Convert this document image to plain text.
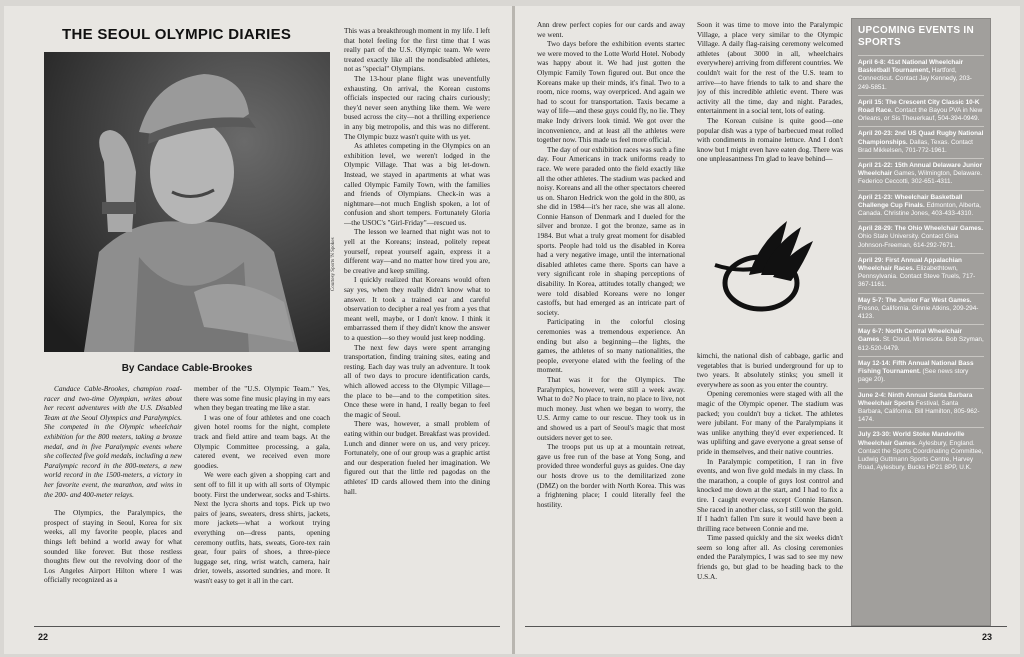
THE SEOUL OLYMPIC DIARIES
Courtesy Sports 'N Spokes
By Candace Cable-Brookes

Candace Cable-Brookes, champion road-racer and two-time Olympian, writes about her recent adventures with the U.S. Disabled Team at the Seoul Olympics and Paralympics. She competed in the Olympic wheelchair exhibition for the 800 meters, taking a bronze medal, and in five Paralympic events where she collected five gold medals, including a new Paralympic record in the 800-meters, a new world record in the 1500-meters, a victory in her favorite event, the marathon, and wins in the 200- and 400-meter relays.

The Olympics, the Paralympics, the prospect of staying in Seoul, Korea for six weeks, all my favorite people, places and things left behind a world away for what sounded like forever. But those restless thoughts flew out the revolving door of the Los Angeles Airport Hilton where I was officially recognized as a

member of the "U.S. Olympic Team." Yes, there was some fine music playing in my ears when they began treating me like a star.

I was one of four athletes and one coach given hotel rooms for the night, complete track and field attire and team bags. At the Olympic Committee processing, a gala, catered event, we received even more goodies.

We were each given a shopping cart and sent off to fill it up with all sorts of Olympic booty. First the underwear, socks and T-shirts. Next the lycra shorts and tops. Pick up two pairs of jeans, sweaters, dress shirts, jackets, more jackets—what a workout trying everything on—dress pants, opening ceremony outfits, hats, sweats, Gore-tex rain gear, four pairs of shoes, a three-piece luggage set, ring, wrist watch, camera, hair drier, towels, assorted sundries, and more. It wasn't easy to get it all in the cart.

This was a breakthrough moment in my life. I left that hotel feeling for the first time that I was really part of the U.S. Olympic team. We were treated exactly like all the nondisabled athletes, not as "special" Olympians.

The 13-hour plane flight was uneventfully exhausting. On arrival, the Korean customs officials inspected our racing chairs curiously; they'd never seen anything like them. We were bused across the city—not a thrilling experience in any big metropolis, and this was no different. The Olympic buzz wasn't quite with us yet.

As athletes competing in the Olympics on an exhibition level, we weren't lodged in the Olympic Village. That was a big let-down. Instead, we stayed in apartments at what was called Olympic Family Town, with the families and friends of Olympians. Check-in was a nightmare—not much English spoken, a lot of confusion and short tempers. Fortunately Gloria—the USOC's "Girl-Friday"—rescued us.

The lesson we learned that night was not to yell at the Koreans; instead, politely repeat yourself, repeat yourself again, express it a different way—and no matter how tired you are, be creative and keep smiling.

I quickly realized that Koreans would often say yes, when they really didn't know what to answer. It took a trained ear and careful observation to decipher a real yes from a yes that meant well, maybe, or I don't know. I think it embarrassed them if they didn't know the answer to a question—so they would just keep nodding.

The next few days were spent arranging transportation, finding training sites, eating and resting. Each day was truly an adventure. It took all of two days to procure identification cards, which allowed access to the Olympic Village—the place to be—and to the competition sites. Once these were in hand, I really began to feel the magic of Seoul.

There was, however, a small problem of eating within our budget. Breakfast was provided. Lunch and dinner were on us, and very pricey. Fortunately, one of our group was a graphic artist and our desperation fueled her imagination. We figured out that the little red pagodas on the athletes' ID cards allowed them into the dining hall.

22

Ann drew perfect copies for our cards and away we went.

Two days before the exhibition events startec we were moved to the Lotte World Hotel. Nobody was happy about it. We had just gotten the Olympic Family Town figured out. But once the Koreans make up their minds, it's final. Two to a room, nice rooms, way overpriced. And again we had to scout for transportation. Taxis became a way of life—and these guys could fly, no lie. They make Indy drivers look timid. We got over the inconvenience, and at least all the athletes were together now. This made us feel more official.

The day of our exhibition races was such a fine day. Four Americans in track uniforms ready to race. We were paraded onto the field exactly like all the other athletes. The stadium was packed and noisy. Koreans and all the other spectators cheered us on. Sharon Hedrick won the gold in the 800, as she did in 1984—it's her race, she was all alone. Connie Hanson of Denmark and I dueled for the silver and bronze. I got the bronze, same as in 1984. But what a truly great moment for disabled sports. People had told us the disabled in Korea had a very negative image, until the international disabled athletes came there. Sports can have a very significant role in shaping perceptions of disability. In Korea, attitudes totally changed; we were told disabled Koreans were no longer castoffs, but had emerged as an intricate part of society.

Participating in the colorful closing ceremonies was a tremendous experience. An ending but also a beginning—the lights, the games, the athletes of so many nationalities, the people, everyone elated with the feeling of the moment.

That was it for the Olympics. The Paralympics, however, were still a week away. What to do? No place to train, no place to live, not much money. Just when we began to worry, the U.S. Army came to our rescue. They took us in and showed us a part of Seoul's magic that most outsiders never get to see.

The troops put us up at a mountain retreat, gave us free run of the base at Yong Song, and provided three wonderful guys as guides. One day our hosts drove us to the demilitarized zone (DMZ) on the border with North Korea. This was a frightening place; I could literally feel the hostility.

Soon it was time to move into the Paralympic Village, a place very similar to the Olympic Village. A daily flag-raising ceremony welcomed athletes (about 3000 in all, wheelchairs everywhere) arriving from different countries. We couldn't wait for the rest of the U.S. team to arrive—to have friends to talk to and share the joy of this incredible athletic event. There was activity all the time, day and night. Parades, entertainment in a social tent, lots of eating.

The Korean cuisine is quite good—one popular dish was a type of barbecued meat rolled with condiments in romaine lettuce. And I don't know but I might even have eaten dog. There was one unpleasantness I'm glad to leave behind—

kimchi, the national dish of cabbage, garlic and vegetables that is buried underground for up to two years. It absolutely stinks; you smell it everywhere as soon as you enter the country.

Opening ceremonies were staged with all the magic of the Olympic opener. The stadium was packed; you couldn't buy a ticket. The athletes were jubilant. For many of the Paralympians it was unlike anything they'd ever experienced. It was uplifting and gave everyone a great sense of pride in themselves, and their native countries.

In Paralympic competition, I ran in five events, and won five gold medals in my class. In the marathon, a couple of guys lost control and knocked me down at the start, and I had to fix a tire. I caught everyone except Connie Hanson. She raced in another class, so I still won the gold. If I hadn't fallen I'm sure it would have been a thrilling race between Connie and me.

Time passed quickly and the six weeks didn't seem so long after all. As closing ceremonies ended the Paralympics, I was sad to see my new friends go, but glad to be heading back to the U.S.A.

23
UPCOMING EVENTS IN SPORTS
April 6-8: 41st National Wheelchair Basketball Tournament, Hartford, Connecticut. Contact Jay Kennedy, 203-249-5851.
April 15: The Crescent City Classic 10-K Road Race. Contact the Bayou PVA in New Orleans, or Sis Theuerkauf, 504-394-0949.
April 20-23: 2nd US Quad Rugby National Championships. Dallas, Texas. Contact Brad Mikkelsen, 701-772-1961.
April 21-22: 15th Annual Delaware Junior Wheelchair Games, Wilmington, Delaware. Federico Ceccotti, 302-651-4311.
April 21-23: Wheelchair Basketball Challenge Cup Finals. Edmonton, Alberta, Canada. Christine Jones, 403-433-4310.
April 28-29: The Ohio Wheelchair Games. Ohio State University. Contact Gina Johnson-Freeman, 614-292-7671.
April 29: First Annual Appalachian Wheelchair Races. Elizabethtown, Pennsylvania. Contact Steve Truels, 717-367-1161.
May 5-7: The Junior Far West Games. Fresno, California. Ginnie Atkins, 209-294-4123.
May 6-7: North Central Wheelchair Games. St. Cloud, Minnesota. Bob Szyman, 612-520-0479.
May 12-14: Fifth Annual National Bass Fishing Tournament. (See news story page 20).
June 2-4: Ninth Annual Santa Barbara Wheelchair Sports Festival, Santa Barbara, California. Bill Hamilton, 805-962-1474.
July 23-30: World Stoke Mandeville Wheelchair Games. Aylesbury, England. Contact the Sports Coordinating Committee, Ludwig Guttmann Sports Centre, Harvey Road, Aylesbury, Bucks HP21 8PP, U.K.
